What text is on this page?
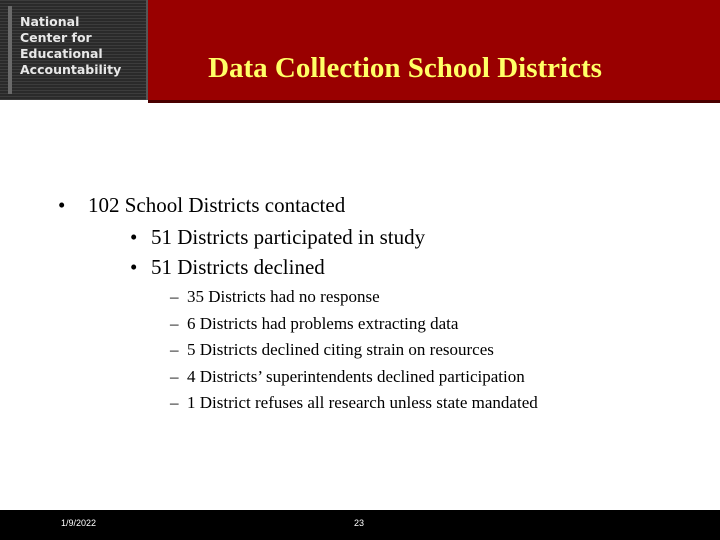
National
Center for
Educational
Accountability	Data Collection School Districts
• 102 School Districts contacted
• 51 Districts participated in study
• 51 Districts declined
– 35 Districts had no response
– 6 Districts had problems extracting data
– 5 Districts declined citing strain on resources
– 4 Districts’ superintendents declined participation
– 1 District refuses all research unless state mandated
1/9/2022	23
